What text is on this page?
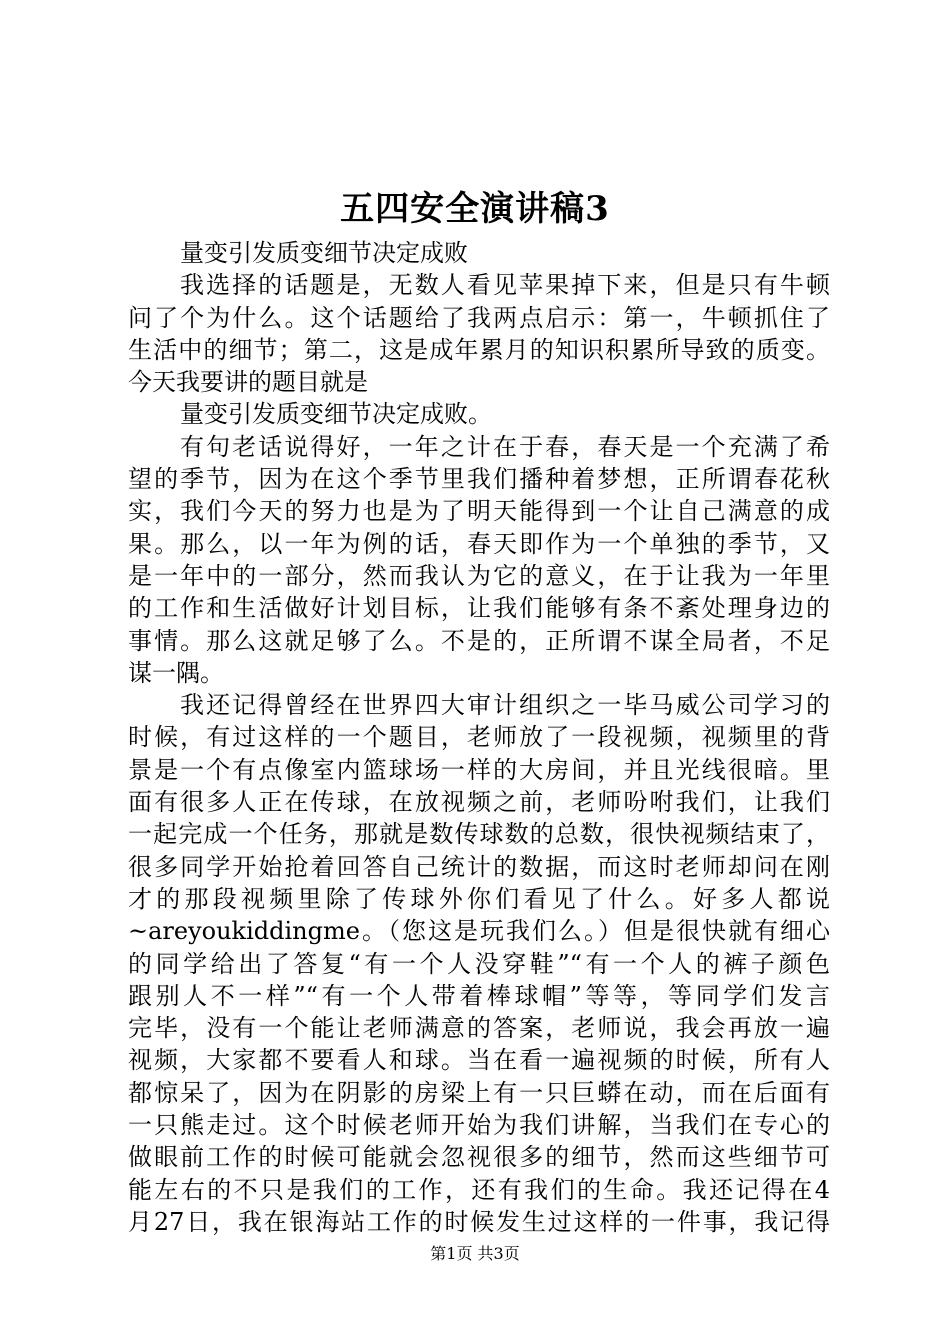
五四安全演讲稿3
量变引发质变细节决定成败
我选择的话题是，无数人看见苹果掉下来，但是只有牛顿
问了个为什么。这个话题给了我两点启示：第一，牛顿抓住了
生活中的细节；第二，这是成年累月的知识积累所导致的质变。
今天我要讲的题目就是
量变引发质变细节决定成败。
有句老话说得好，一年之计在于春，春天是一个充满了希
望的季节，因为在这个季节里我们播种着梦想，正所谓春花秋
实，我们今天的努力也是为了明天能得到一个让自己满意的成
果。那么，以一年为例的话，春天即作为一个单独的季节，又
是一年中的一部分，然而我认为它的意义，在于让我为一年里
的工作和生活做好计划目标，让我们能够有条不紊处理身边的
事情。那么这就足够了么。不是的，正所谓不谋全局者，不足
谋一隅。
我还记得曾经在世界四大审计组织之一毕马威公司学习的
时候，有过这样的一个题目，老师放了一段视频，视频里的背
景是一个有点像室内篮球场一样的大房间，并且光线很暗。里
面有很多人正在传球，在放视频之前，老师吩咐我们，让我们
一起完成一个任务，那就是数传球数的总数，很快视频结束了，
很多同学开始抢着回答自己统计的数据，而这时老师却问在刚
才的那段视频里除了传球外你们看见了什么。好多人都说
~areyoukiddingme。（您这是玩我们么。）但是很快就有细心
的同学给出了答复“有一个人没穿鞋”“有一个人的裤子颜色
跟别人不一样”“有一个人带着棒球帽”等等，等同学们发言
完毕，没有一个能让老师满意的答案，老师说，我会再放一遍
视频，大家都不要看人和球。当在看一遍视频的时候，所有人
都惊呆了，因为在阴影的房梁上有一只巨蟒在动，而在后面有
一只熊走过。这个时候老师开始为我们讲解，当我们在专心的
做眼前工作的时候可能就会忽视很多的细节，然而这些细节可
能左右的不只是我们的工作，还有我们的生命。我还记得在4
月27日，我在银海站工作的时候发生过这样的一件事，我记得
第1页 共3页
